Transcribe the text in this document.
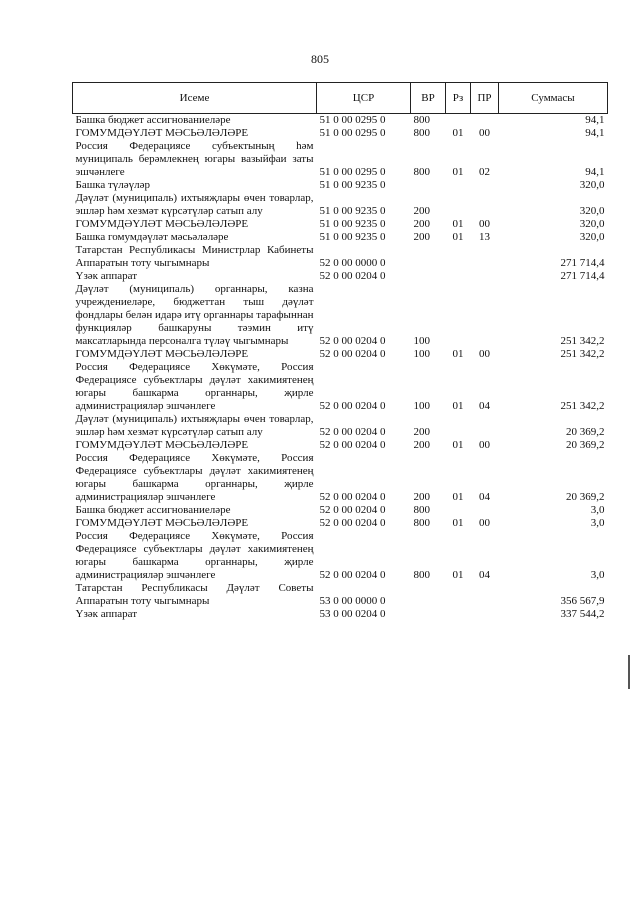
805
Исеме	ЦСР	ВР	Рз	ПР	Суммасы
Башка бюджет ассигнованиеләре	51 0 00 0295 0	800			94,1
ГОМУМДӘҮЛӘТ МӘСЬӘЛӘЛӘРЕ	51 0 00 0295 0	800	01	00	94,1
Россия Федерациясе субъектының һәм муниципаль берәмлекнең югары вазыйфаи заты эшчәнлеге	51 0 00 0295 0	800	01	02	94,1
Башка түләүләр	51 0 00 9235 0				320,0
Дәүләт (муниципаль) ихтыяҗлары өчен товарлар, эшләр һәм хезмәт күрсәтүләр сатып алу	51 0 00 9235 0	200			320,0
ГОМУМДӘҮЛӘТ МӘСЬӘЛӘЛӘРЕ	51 0 00 9235 0	200	01	00	320,0
Башка гомумдәүләт мәсьәләләре	51 0 00 9235 0	200	01	13	320,0
Татарстан Республикасы Министрлар Кабинеты Аппаратын тоту чыгымнары	52 0 00 0000 0				271 714,4
Үзәк аппарат	52 0 00 0204 0				271 714,4
Дәүләт (муниципаль) органнары, казна учреждениеләре, бюджеттан тыш дәүләт фондлары белән идарә итү органнары тарафыннан функцияләр башкаруны тәэмин итү максатларында персоналга түләү чыгымнары	52 0 00 0204 0	100			251 342,2
ГОМУМДӘҮЛӘТ МӘСЬӘЛӘЛӘРЕ	52 0 00 0204 0	100	01	00	251 342,2
Россия Федерациясе Хөкүмәте, Россия Федерациясе субъектлары дәүләт хакимиятенең югары башкарма органнары, җирле администрацияләр эшчәнлеге	52 0 00 0204 0	100	01	04	251 342,2
Дәүләт (муниципаль) ихтыяҗлары өчен товарлар, эшләр һәм хезмәт күрсәтүләр сатып алу	52 0 00 0204 0	200			20 369,2
ГОМУМДӘҮЛӘТ МӘСЬӘЛӘЛӘРЕ	52 0 00 0204 0	200	01	00	20 369,2
Россия Федерациясе Хөкүмәте, Россия Федерациясе субъектлары дәүләт хакимиятенең югары башкарма органнары, җирле администрацияләр эшчәнлеге	52 0 00 0204 0	200	01	04	20 369,2
Башка бюджет ассигнованиеләре	52 0 00 0204 0	800			3,0
ГОМУМДӘҮЛӘТ МӘСЬӘЛӘЛӘРЕ	52 0 00 0204 0	800	01	00	3,0
Россия Федерациясе Хөкүмәте, Россия Федерациясе субъектлары дәүләт хакимиятенең югары башкарма органнары, җирле администрацияләр эшчәнлеге	52 0 00 0204 0	800	01	04	3,0
Татарстан Республикасы Дәүләт Советы Аппаратын тоту чыгымнары	53 0 00 0000 0				356 567,9
Үзәк аппарат	53 0 00 0204 0				337 544,2
